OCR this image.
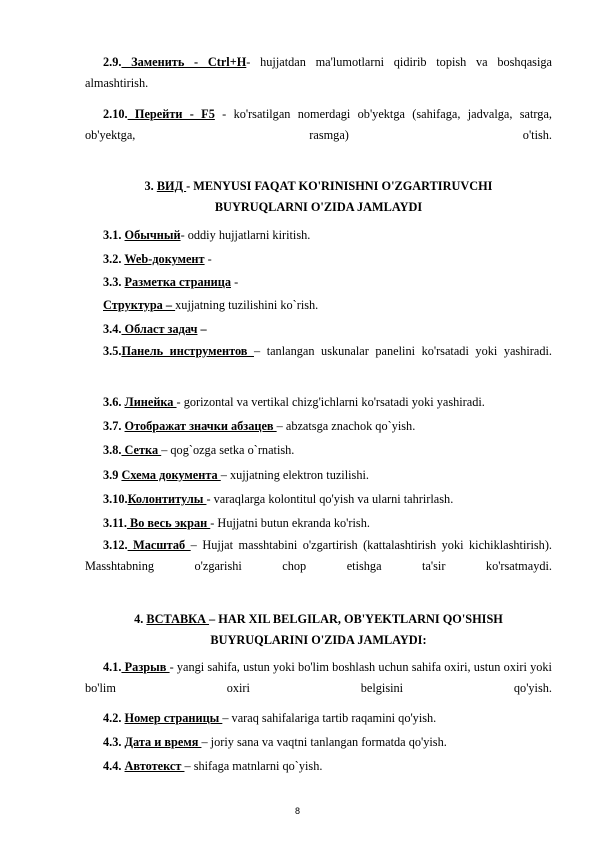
2.9. Заменить - Ctrl+H- hujjatdan ma'lumotlarni qidirib topish va boshqasiga almashtirish.

2.10. Перейти - F5 - ko'rsatilgan nomerdagi ob'yektga (sahifaga, jadvalga, satrga, ob'yektga, rasmga) o'tish.

3. ВИД - MENYUSI FAQAT KO'RINISHNI O'ZGARTIRUVCHI
BUYRUQLARNI O'ZIDA JAMLAYDI
3.1. Обычный- oddiy hujjatlarni kiritish.
3.2. Web-документ -
3.3. Разметка страница -
Структура – xujjatning tuzilishini ko`rish.
3.4. Област задач –

3.5.Панель инструментов – tanlangan uskunalar panelini ko'rsatadi yoki yashiradi.

3.6. Линейка - gorizontal va vertikal chizg'ichlarni ko'rsatadi yoki yashiradi.
3.7. Отображат значки абзацев – abzatsga znachok qo`yish.
3.8. Сетка – qog`ozga setka o`rnatish.
3.9 Схема документа – xujjatning elektron tuzilishi.
3.10.Колонтитулы - varaqlarga kolontitul qo'yish va ularni tahrirlash.
3.11. Во весь экран - Hujjatni butun ekranda ko'rish.

3.12. Масштаб – Hujjat masshtabini o'zgartirish (kattalashtirish yoki kichiklashtirish). Masshtabning o'zgarishi chop etishga ta'sir ko'rsatmaydi.

4. ВСТАВКА – HAR XIL BELGILAR, OB'YEKTLARNI QO'SHISH
BUYRUQLARINI O'ZIDA JAMLAYDI:

4.1. Разрыв - yangi sahifa, ustun yoki bo'lim boshlash uchun sahifa oxiri, ustun oxiri yoki bo'lim oxiri belgisini qo'yish.

4.2. Номер страницы – varaq sahifalariga tartib raqamini qo'yish.
4.3. Дата и время – joriy sana va vaqtni tanlangan formatda qo'yish.
4.4. Автотекст – shifaga matnlarni qo`yish.
8
